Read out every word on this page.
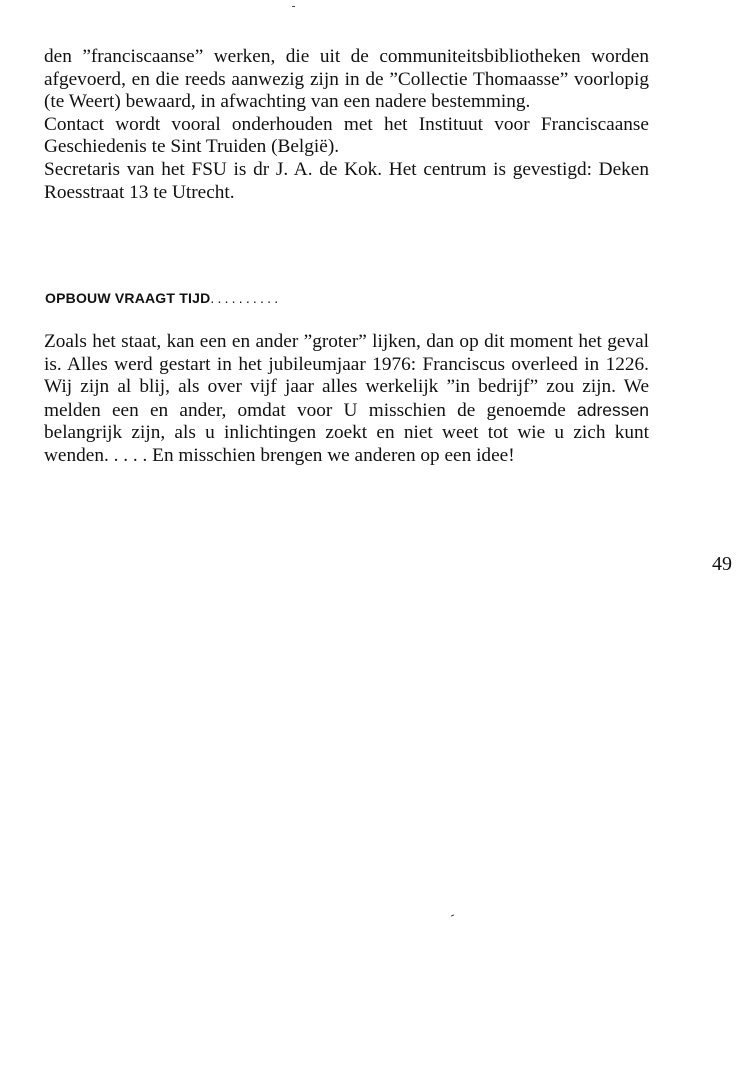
den ”franciscaanse” werken, die uit de communiteitsbibliotheken worden afgevoerd, en die reeds aanwezig zijn in de ”Collectie Thomaasse” voorlopig (te Weert) bewaard, in afwachting van een nadere bestemming.

Contact wordt vooral onderhouden met het Instituut voor Franciscaanse Geschiedenis te Sint Truiden (België).

Secretaris van het FSU is dr J. A. de Kok. Het centrum is gevestigd: Deken Roesstraat 13 te Utrecht.

OPBOUW VRAAGT TIJD..........

Zoals het staat, kan een en ander ”groter” lijken, dan op dit moment het geval is. Alles werd gestart in het jubileumjaar 1976: Franciscus overleed in 1226. Wij zijn al blij, als over vijf jaar alles werkelijk ”in bedrijf” zou zijn. We melden een en ander, omdat voor U misschien de genoemde adressen belangrijk zijn, als u inlichtingen zoekt en niet weet tot wie u zich kunt wenden. . . . . En misschien brengen we anderen op een idee!

49
